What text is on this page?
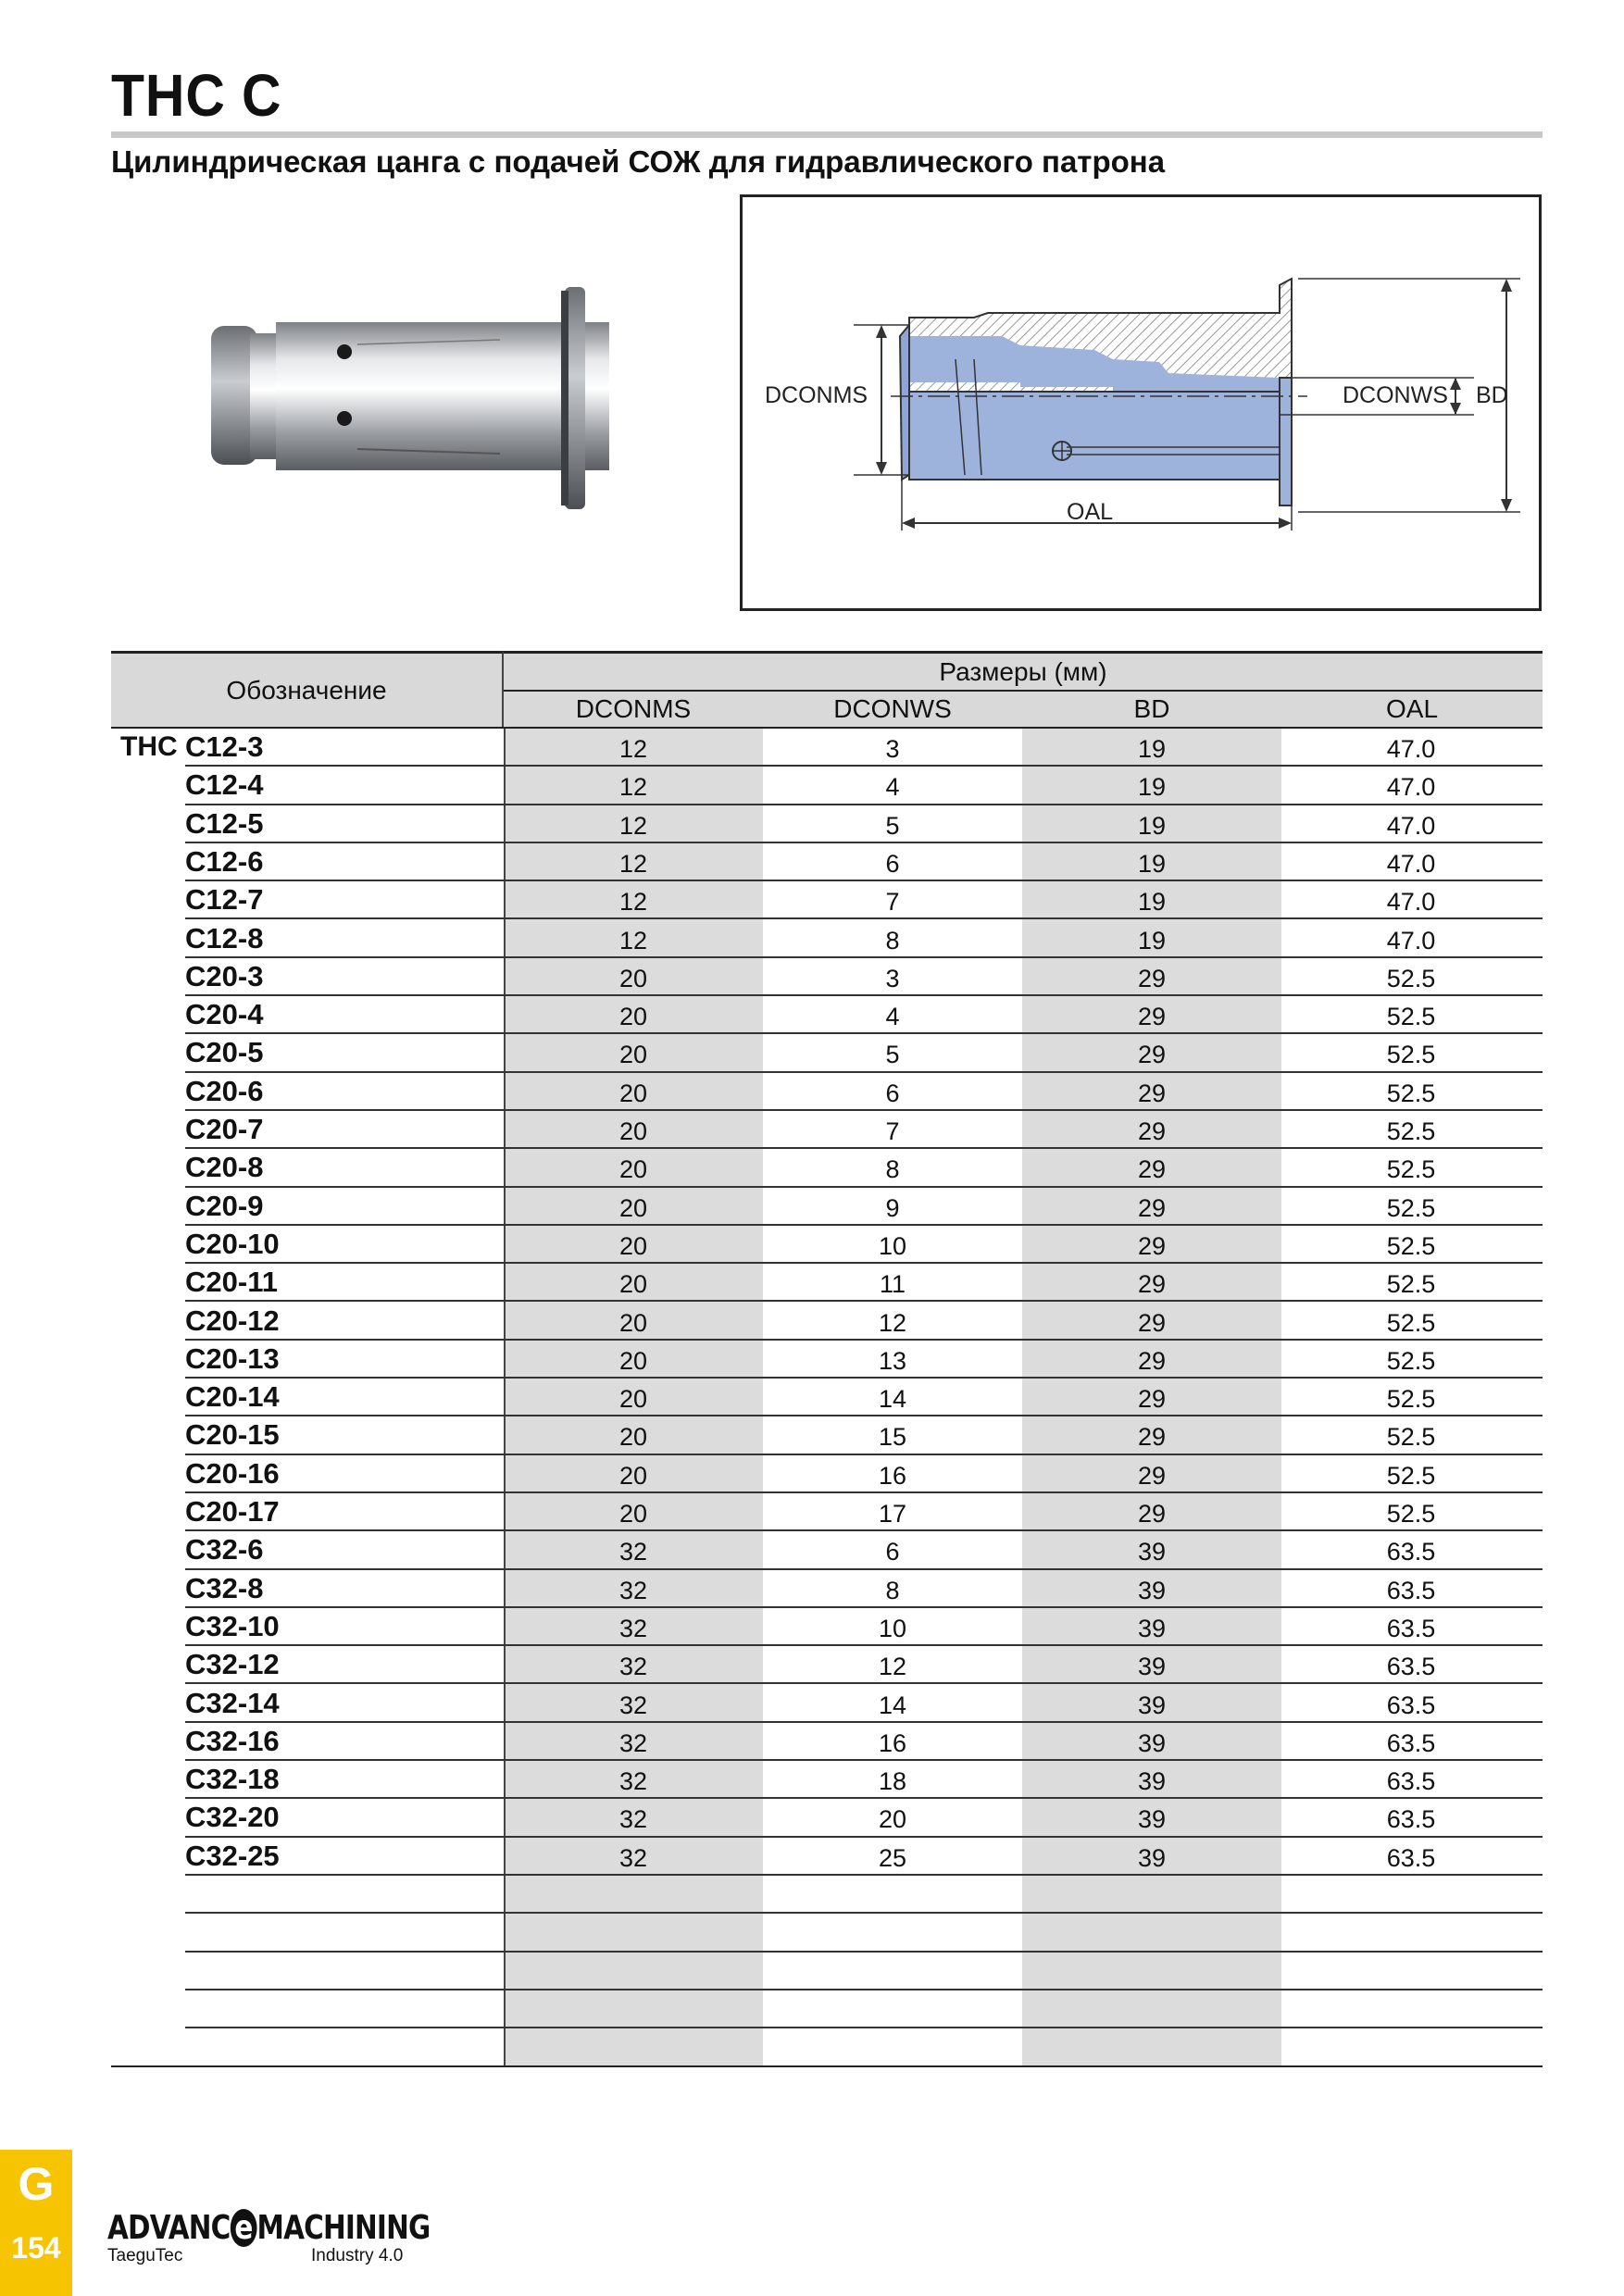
THC C
Цилиндрическая цанга с подачей СОЖ для гидравлического патрона
DCONMS	DCONWS BD
OAL
Обозначение
Размеры (мм)
DCONMS	DCONWS	BD	OAL
THC C12-3	12	3	19	47.0
C12-4	12	4	19	47.0
C12-5	12	5	19	47.0
C12-6	12	6	19	47.0
C12-7	12	7	19	47.0
C12-8	12	8	19	47.0
C20-3	20	3	29	52.5
C20-4	20	4	29	52.5
C20-5	20	5	29	52.5
C20-6	20	6	29	52.5
C20-7	20	7	29	52.5
C20-8	20	8	29	52.5
C20-9	20	9	29	52.5
C20-10	20	10	29	52.5
C20-11	20	11	29	52.5
C20-12	20	12	29	52.5
C20-13	20	13	29	52.5
C20-14	20	14	29	52.5
C20-15	20	15	29	52.5
C20-16	20	16	29	52.5
C20-17	20	17	29	52.5
C32-6	32	6	39	63.5
C32-8	32	8	39	63.5
C32-10	32	10	39	63.5
C32-12	32	12	39	63.5
C32-14	32	14	39	63.5
C32-16	32	16	39	63.5
C32-18	32	18	39	63.5
C32-20	32	20	39	63.5
C32-25	32	25	39	63.5
G
154
ADVANC e MACHINING
TaeguTec	Industry 4.0
